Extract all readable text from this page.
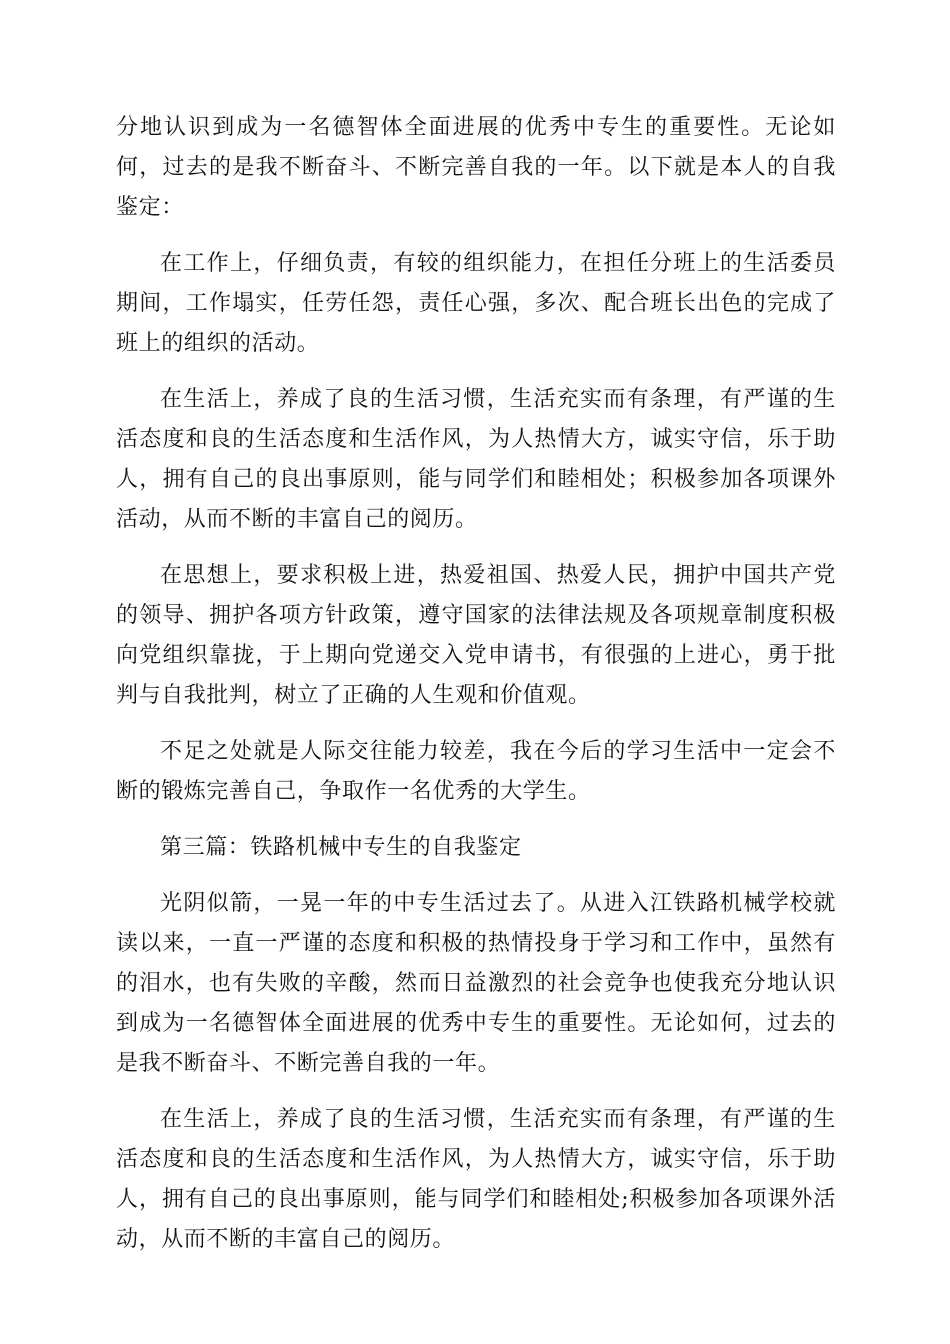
分地认识到成为一名德智体全面进展的优秀中专生的重要性。无论如何，过去的是我不断奋斗、不断完善自我的一年。以下就是本人的自我鉴定：

在工作上，仔细负责，有较的组织能力，在担任分班上的生活委员期间，工作塌实，任劳任怨，责任心强，多次、配合班长出色的完成了班上的组织的活动。

在生活上，养成了良的生活习惯，生活充实而有条理，有严谨的生活态度和良的生活态度和生活作风，为人热情大方，诚实守信，乐于助人，拥有自己的良出事原则，能与同学们和睦相处；积极参加各项课外活动，从而不断的丰富自己的阅历。

在思想上，要求积极上进，热爱祖国、热爱人民，拥护中国共产党的领导、拥护各项方针政策，遵守国家的法律法规及各项规章制度积极向党组织靠拢，于上期向党递交入党申请书，有很强的上进心，勇于批判与自我批判，树立了正确的人生观和价值观。

不足之处就是人际交往能力较差，我在今后的学习生活中一定会不断的锻炼完善自己，争取作一名优秀的大学生。

第三篇：铁路机械中专生的自我鉴定

光阴似箭，一晃一年的中专生活过去了。从进入江铁路机械学校就读以来，一直一严谨的态度和积极的热情投身于学习和工作中，虽然有的泪水，也有失败的辛酸，然而日益激烈的社会竞争也使我充分地认识到成为一名德智体全面进展的优秀中专生的重要性。无论如何，过去的是我不断奋斗、不断完善自我的一年。

在生活上，养成了良的生活习惯，生活充实而有条理，有严谨的生活态度和良的生活态度和生活作风，为人热情大方，诚实守信，乐于助人，拥有自己的良出事原则，能与同学们和睦相处;积极参加各项课外活动，从而不断的丰富自己的阅历。
